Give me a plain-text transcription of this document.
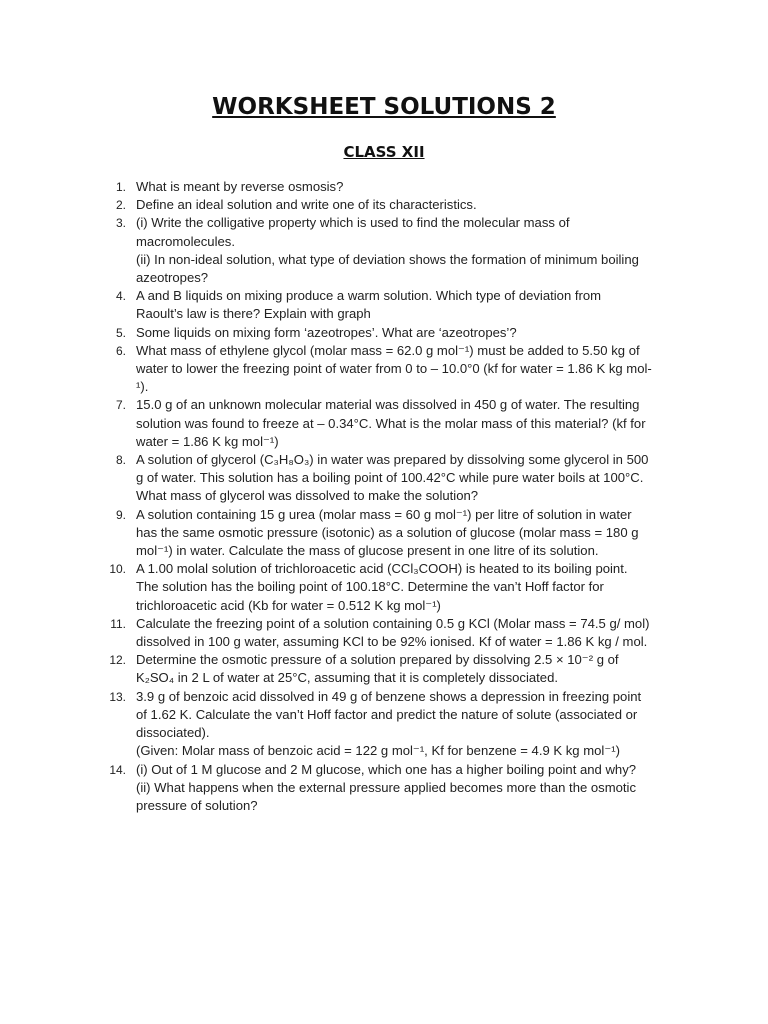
WORKSHEET SOLUTIONS 2
CLASS XII
1. What is meant by reverse osmosis?
2. Define an ideal solution and write one of its characteristics.
3. (i) Write the colligative property which is used to find the molecular mass of
macromolecules.
(ii) In non-ideal solution, what type of deviation shows the formation of minimum boiling
azeotropes?
4. A and B liquids on mixing produce a warm solution. Which type of deviation from
Raoult’s law is there? Explain with graph
5. Some liquids on mixing form ‘azeotropes’. What are ‘azeotropes’?
6. What mass of ethylene glycol (molar mass = 62.0 g mol⁻¹) must be added to 5.50 kg of
water to lower the freezing point of water from 0 to – 10.0°0 (kf for water = 1.86 K kg mol-
¹).
7. 15.0 g of an unknown molecular material was dissolved in 450 g of water. The resulting
solution was found to freeze at – 0.34°C. What is the molar mass of this material? (kf for
water = 1.86 K kg mol⁻¹)
8. A solution of glycerol (C₃H₈O₃) in water was prepared by dissolving some glycerol in 500
g of water. This solution has a boiling point of 100.42°C while pure water boils at 100°C.
What mass of glycerol was dissolved to make the solution?
9. A solution containing 15 g urea (molar mass = 60 g mol⁻¹) per litre of solution in water
has the same osmotic pressure (isotonic) as a solution of glucose (molar mass = 180 g
mol⁻¹) in water. Calculate the mass of glucose present in one litre of its solution.
10. A 1.00 molal solution of trichloroacetic acid (CCl₃COOH) is heated to its boiling point.
The solution has the boiling point of 100.18°C. Determine the van’t Hoff factor for
trichloroacetic acid (Kb for water = 0.512 K kg mol⁻¹)
11. Calculate the freezing point of a solution containing 0.5 g KCl (Molar mass = 74.5 g/ mol)
dissolved in 100 g water, assuming KCl to be 92% ionised. Kf of water = 1.86 K kg / mol.
12. Determine the osmotic pressure of a solution prepared by dissolving 2.5 × 10⁻² g of
K₂SO₄ in 2 L of water at 25°C, assuming that it is completely dissociated.
13. 3.9 g of benzoic acid dissolved in 49 g of benzene shows a depression in freezing point
of 1.62 K. Calculate the van’t Hoff factor and predict the nature of solute (associated or
dissociated).
(Given: Molar mass of benzoic acid = 122 g mol⁻¹, Kf for benzene = 4.9 K kg mol⁻¹)
14. (i) Out of 1 M glucose and 2 M glucose, which one has a higher boiling point and why?
(ii) What happens when the external pressure applied becomes more than the osmotic
pressure of solution?
